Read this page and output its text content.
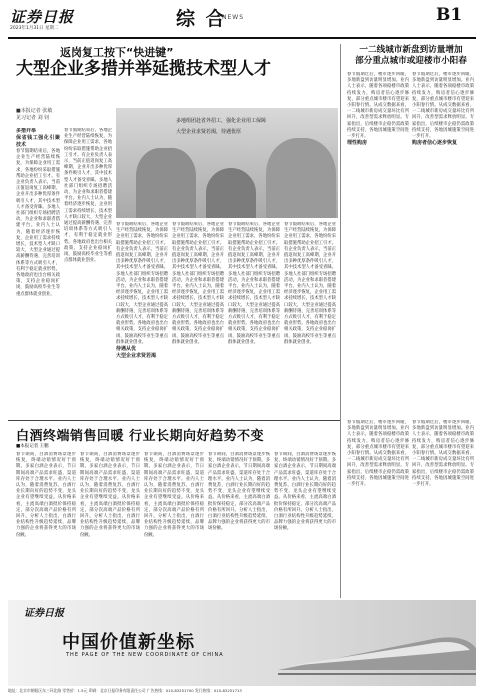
证券日报
2023年1月31日 星期二	综 合
NEWS	B1
返岗复工按下“快进键”
大型企业多措并举延揽技术型人才
■本报记者 张敏
见习记者 刘 钊
多措并举
保省钱工强化引聚技术
春节假期结束后，各地企业生产经营陆续恢复，为保障企业用工需求，各地纷纷采取措施帮助企业招工引才。有企业负责人表示，当前正值返岗复工高峰期，企业开出多种优厚条件吸引人才，其中技术型人才备受青睐。多地人社部门组织专场招聘活动，为企业和求职者搭建平台。业内人士认为，随着经济逐步恢复，企业用工需求持续增长，技术型人才缺口较大，大型企业通过提高薪酬待遇、完善培训体系等方式吸引人才，有利于稳定就业形势。各地政府也出台相关政策，支持企业稳岗扩岗，鼓励高校毕业生等重点群体就业创业。
春节假期结束后，各地企业生产经营陆续恢复，为保障企业用工需求，各地纷纷采取措施帮助企业招工引才。有企业负责人表示，当前正值返岗复工高峰期，企业开出多种优厚条件吸引人才，其中技术型人才备受青睐。多地人社部门组织专场招聘活动，为企业和求职者搭建平台。业内人士认为，随着经济逐步恢复，企业用工需求持续增长，技术型人才缺口较大，大型企业通过提高薪酬待遇、完善培训体系等方式吸引人才，有利于稳定就业形势。各地政府也出台相关政策，支持企业稳岗扩岗，鼓励高校毕业生等重点群体就业创业。
多地组团赴省外招工，强化企业用工保障
大型企业求贤若渴，待遇优厚
春节假期结束后，各地企业生产经营陆续恢复，为保障企业用工需求，各地纷纷采取措施帮助企业招工引才。有企业负责人表示，当前正值返岗复工高峰期，企业开出多种优厚条件吸引人才，其中技术型人才备受青睐。多地人社部门组织专场招聘活动，为企业和求职者搭建平台。业内人士认为，随着经济逐步恢复，企业用工需求持续增长，技术型人才缺口较大，大型企业通过提高薪酬待遇、完善培训体系等方式吸引人才，有利于稳定就业形势。各地政府也出台相关政策，支持企业稳岗扩岗，鼓励高校毕业生等重点群体就业创业。
待遇从优
大型企业求贤若渴
春节假期结束后，各地企业生产经营陆续恢复，为保障企业用工需求，各地纷纷采取措施帮助企业招工引才。有企业负责人表示，当前正值返岗复工高峰期，企业开出多种优厚条件吸引人才，其中技术型人才备受青睐。多地人社部门组织专场招聘活动，为企业和求职者搭建平台。业内人士认为，随着经济逐步恢复，企业用工需求持续增长，技术型人才缺口较大，大型企业通过提高薪酬待遇、完善培训体系等方式吸引人才，有利于稳定就业形势。各地政府也出台相关政策，支持企业稳岗扩岗，鼓励高校毕业生等重点群体就业创业。
春节假期结束后，各地企业生产经营陆续恢复，为保障企业用工需求，各地纷纷采取措施帮助企业招工引才。有企业负责人表示，当前正值返岗复工高峰期，企业开出多种优厚条件吸引人才，其中技术型人才备受青睐。多地人社部门组织专场招聘活动，为企业和求职者搭建平台。业内人士认为，随着经济逐步恢复，企业用工需求持续增长，技术型人才缺口较大，大型企业通过提高薪酬待遇、完善培训体系等方式吸引人才，有利于稳定就业形势。各地政府也出台相关政策，支持企业稳岗扩岗，鼓励高校毕业生等重点群体就业创业。
春节假期结束后，各地企业生产经营陆续恢复，为保障企业用工需求，各地纷纷采取措施帮助企业招工引才。有企业负责人表示，当前正值返岗复工高峰期，企业开出多种优厚条件吸引人才，其中技术型人才备受青睐。多地人社部门组织专场招聘活动，为企业和求职者搭建平台。业内人士认为，随着经济逐步恢复，企业用工需求持续增长，技术型人才缺口较大，大型企业通过提高薪酬待遇、完善培训体系等方式吸引人才，有利于稳定就业形势。各地政府也出台相关政策，支持企业稳岗扩岗，鼓励高校毕业生等重点群体就业创业。
一二线城市新盘到访量增加
部分重点城市或迎楼市小阳春
春节假期过后，楼市逐步回暖，多地新盘到访量明显增加。业内人士表示，随着各项稳楼市政策持续发力，购房者信心逐步修复，部分重点城市楼市有望迎来小阳春行情。从成交数据来看，一二线城市新房成交量环比有所回升，改善型需求释放明显。专家指出，后续楼市企稳仍需政策持续支持，各地因城施策空间进一步打开。
理性购房
春节假期过后，楼市逐步回暖，多地新盘到访量明显增加。业内人士表示，随着各项稳楼市政策持续发力，购房者信心逐步修复，部分重点城市楼市有望迎来小阳春行情。从成交数据来看，一二线城市新房成交量环比有所回升，改善型需求释放明显。专家指出，后续楼市企稳仍需政策持续支持，各地因城施策空间进一步打开。
购房者信心逐步恢复
春节假期过后，楼市逐步回暖，多地新盘到访量明显增加。业内人士表示，随着各项稳楼市政策持续发力，购房者信心逐步修复，部分重点城市楼市有望迎来小阳春行情。从成交数据来看，一二线城市新房成交量环比有所回升，改善型需求释放明显。专家指出，后续楼市企稳仍需政策持续支持，各地因城施策空间进一步打开。
春节假期过后，楼市逐步回暖，多地新盘到访量明显增加。业内人士表示，随着各项稳楼市政策持续发力，购房者信心逐步修复，部分重点城市楼市有望迎来小阳春行情。从成交数据来看，一二线城市新房成交量环比有所回升，改善型需求释放明显。专家指出，后续楼市企稳仍需政策持续支持，各地因城施策空间进一步打开。
白酒终端销售回暖 行业长期向好趋势不变
■本报记者 王鹏
春节期间，白酒消费场景逐步恢复，终端动销情况好于预期。多家白酒企业表示，节日期间高端产品需求旺盛，渠道库存处于合理水平。业内人士认为，随着消费复苏，白酒行业长期向好的趋势不变，龙头企业有望继续受益。从价格来看，主流高端白酒批价保持稳定，部分次高端产品价格有所回升。分析人士指出，白酒行业结构性升级趋势延续，品牌力强的企业将获得更大的市场份额。
春节期间，白酒消费场景逐步恢复，终端动销情况好于预期。多家白酒企业表示，节日期间高端产品需求旺盛，渠道库存处于合理水平。业内人士认为，随着消费复苏，白酒行业长期向好的趋势不变，龙头企业有望继续受益。从价格来看，主流高端白酒批价保持稳定，部分次高端产品价格有所回升。分析人士指出，白酒行业结构性升级趋势延续，品牌力强的企业将获得更大的市场份额。
春节期间，白酒消费场景逐步恢复，终端动销情况好于预期。多家白酒企业表示，节日期间高端产品需求旺盛，渠道库存处于合理水平。业内人士认为，随着消费复苏，白酒行业长期向好的趋势不变，龙头企业有望继续受益。从价格来看，主流高端白酒批价保持稳定，部分次高端产品价格有所回升。分析人士指出，白酒行业结构性升级趋势延续，品牌力强的企业将获得更大的市场份额。
春节期间，白酒消费场景逐步恢复，终端动销情况好于预期。多家白酒企业表示，节日期间高端产品需求旺盛，渠道库存处于合理水平。业内人士认为，随着消费复苏，白酒行业长期向好的趋势不变，龙头企业有望继续受益。从价格来看，主流高端白酒批价保持稳定，部分次高端产品价格有所回升。分析人士指出，白酒行业结构性升级趋势延续，品牌力强的企业将获得更大的市场份额。
春节期间，白酒消费场景逐步恢复，终端动销情况好于预期。多家白酒企业表示，节日期间高端产品需求旺盛，渠道库存处于合理水平。业内人士认为，随着消费复苏，白酒行业长期向好的趋势不变，龙头企业有望继续受益。从价格来看，主流高端白酒批价保持稳定，部分次高端产品价格有所回升。分析人士指出，白酒行业结构性升级趋势延续，品牌力强的企业将获得更大的市场份额。
证券日报
中国价值新坐标
THE PAGE OF THE NEW COORDINATE OF CHINA
地址：北京市朝阳区东三环北路 零售价：1.5元 印刷：北京日报印务有限责任公司 广告热线：010-83251700 发行热线：010-83251713
